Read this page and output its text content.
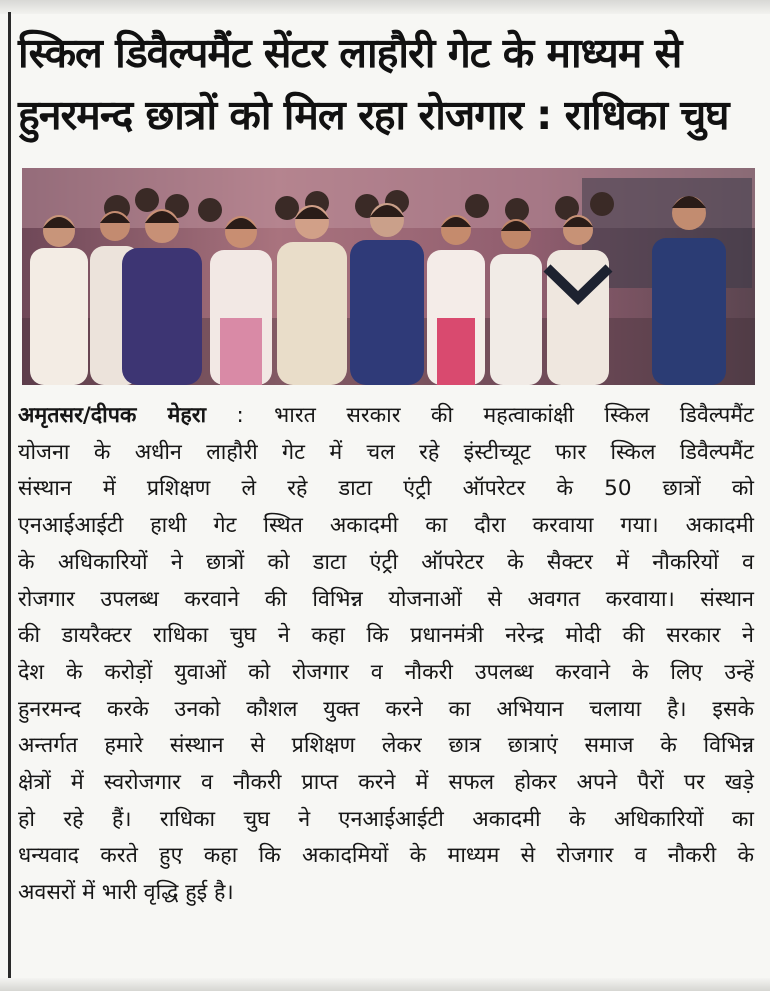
स्किल डिवैल्पमैंट सेंटर लाहौरी गेट के माध्यम से
हुनरमन्द छात्रों को मिल रहा रोजगार : राधिका चुघ
अमृतसर/दीपक मेहरा : भारत सरकार की महत्वाकांक्षी स्किल डिवैल्पमैंट
योजना के अधीन लाहौरी गेट में चल रहे इंस्टीच्यूट फार स्किल डिवैल्पमैंट
संस्थान में प्रशिक्षण ले रहे डाटा एंट्री ऑपरेटर के 50 छात्रों को
एनआईआईटी हाथी गेट स्थित अकादमी का दौरा करवाया गया। अकादमी
के अधिकारियों ने छात्रों को डाटा एंट्री ऑपरेटर के सैक्टर में नौकरियों व
रोजगार उपलब्ध करवाने की विभिन्न योजनाओं से अवगत करवाया। संस्थान
की डायरैक्टर राधिका चुघ ने कहा कि प्रधानमंत्री नरेन्द्र मोदी की सरकार ने
देश के करोड़ों युवाओं को रोजगार व नौकरी उपलब्ध करवाने के लिए उन्हें
हुनरमन्द करके उनको कौशल युक्त करने का अभियान चलाया है। इसके
अन्तर्गत हमारे संस्थान से प्रशिक्षण लेकर छात्र छात्राएं समाज के विभिन्न
क्षेत्रों में स्वरोजगार व नौकरी प्राप्त करने में सफल होकर अपने पैरों पर खड़े
हो रहे हैं। राधिका चुघ ने एनआईआईटी अकादमी के अधिकारियों का
धन्यवाद करते हुए कहा कि अकादमियों के माध्यम से रोजगार व नौकरी के
अवसरों में भारी वृद्धि हुई है।
